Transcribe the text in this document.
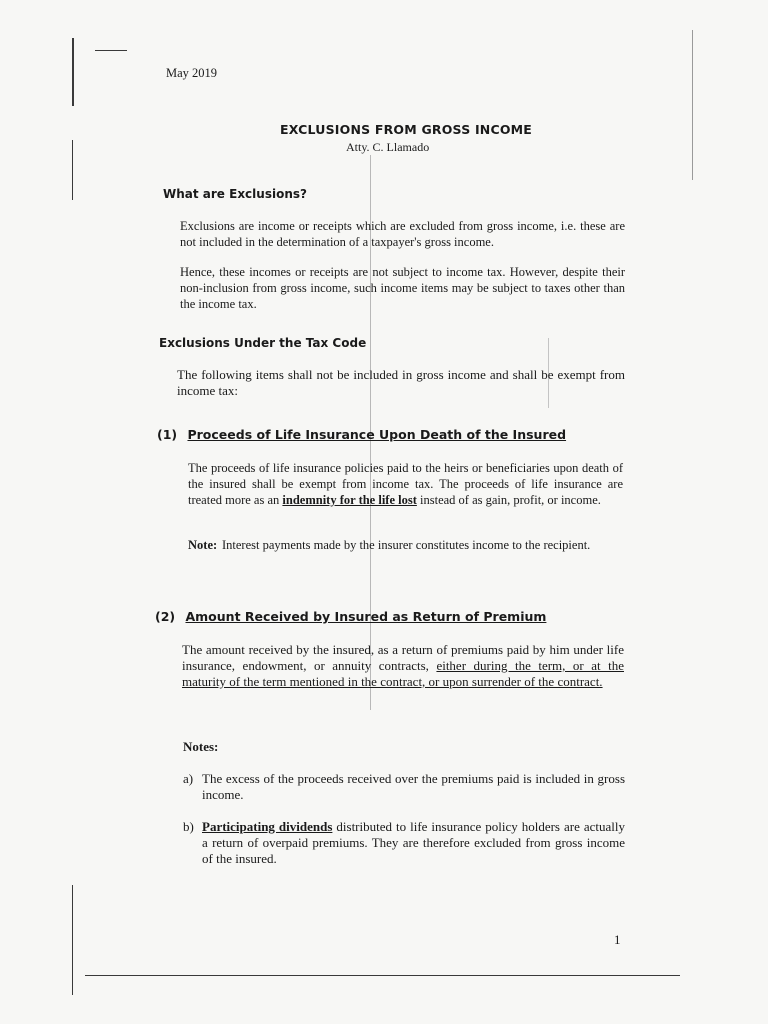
May 2019

EXCLUSIONS FROM GROSS INCOME

Atty. C. Llamado

What are Exclusions?

Exclusions are income or receipts which are excluded from gross income, i.e. these are not included in the determination of a taxpayer's gross income.

Hence, these incomes or receipts are not subject to income tax. However, despite their non-inclusion from gross income, such income items may be subject to taxes other than the income tax.

Exclusions Under the Tax Code

The following items shall not be included in gross income and shall be exempt from income tax:

(1) Proceeds of Life Insurance Upon Death of the Insured

The proceeds of life insurance policies paid to the heirs or beneficiaries upon death of the insured shall be exempt from income tax. The proceeds of life insurance are treated more as an indemnity for the life lost instead of as gain, profit, or income.

Note: Interest payments made by the insurer constitutes income to the recipient.

(2) Amount Received by Insured as Return of Premium

The amount received by the insured, as a return of premiums paid by him under life insurance, endowment, or annuity contracts, either during the term, or at the maturity of the term mentioned in the contract, or upon surrender of the contract.

Notes:

a) The excess of the proceeds received over the premiums paid is included in gross income.

b) Participating dividends distributed to life insurance policy holders are actually a return of overpaid premiums. They are therefore excluded from gross income of the insured.

1
